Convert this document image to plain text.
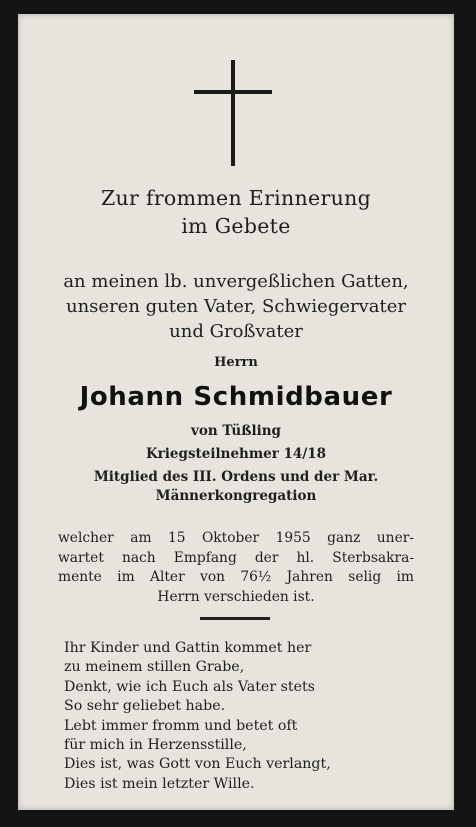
Zur frommen Erinnerung
im Gebete

an meinen lb. unvergeßlichen Gatten,
unseren guten Vater, Schwiegervater
und Großvater

Herrn

Johann Schmidbauer

von Tüßling
Kriegsteilnehmer 14/18
Mitglied des III. Ordens und der Mar.
Männerkongregation

welcher am 15 Oktober 1955 ganz uner-
wartet nach Empfang der hl. Sterbsakra-
mente im Alter von 76½ Jahren selig im
Herrn verschieden ist.

Ihr Kinder und Gattin kommet her
zu meinem stillen Grabe,
Denkt, wie ich Euch als Vater stets
So sehr geliebet habe.
Lebt immer fromm und betet oft
für mich in Herzensstille,
Dies ist, was Gott von Euch verlangt,
Dies ist mein letzter Wille.
